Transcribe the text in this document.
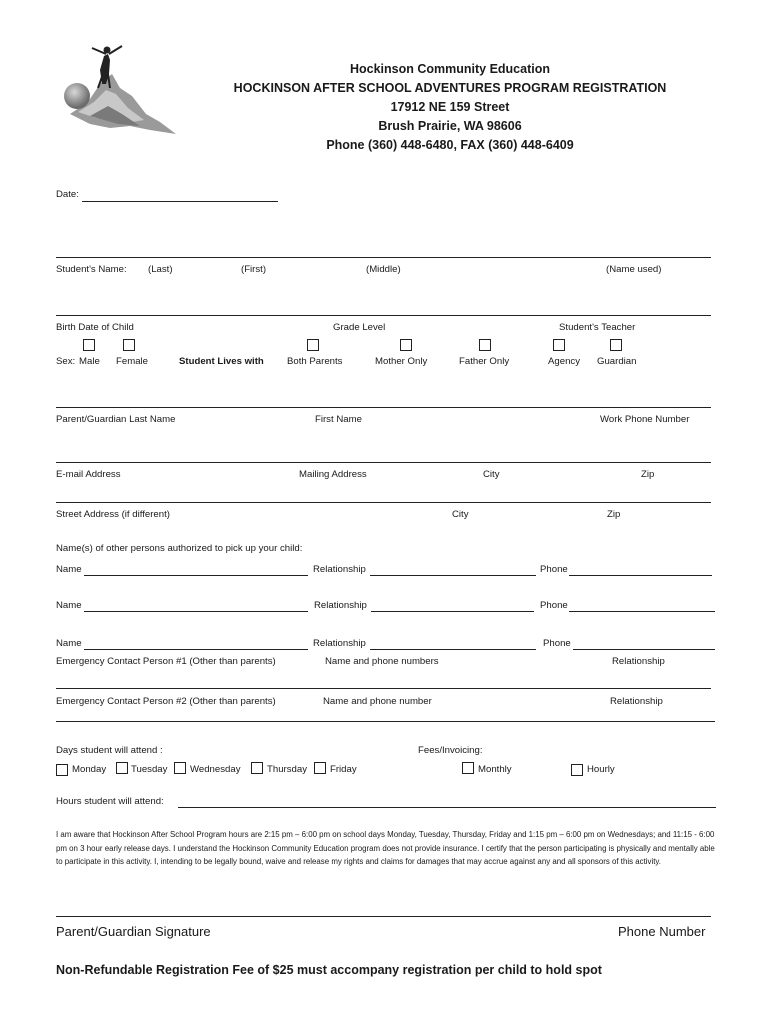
Hockinson Community Education
HOCKINSON AFTER SCHOOL ADVENTURES PROGRAM REGISTRATION
17912 NE 159 Street
Brush Prairie, WA 98606
Phone (360) 448-6480, FAX (360) 448-6409
Date:
Student's Name: (Last)	(First)	(Middle)	(Name used)
Birth Date of Child	Grade Level	Student's Teacher
Sex: Male Female	Student Lives with Both Parents	Mother Only	Father Only	Agency Guardian
Parent/Guardian Last Name	First Name	Work Phone Number
E-mail Address	Mailing Address	City	Zip
Street Address (if different)	City	Zip
Name(s) of other persons authorized to pick up your child:
Name	Relationship	Phone
Name	Relationship	Phone
Name	Relationship	Phone
Emergency Contact Person #1 (Other than parents)	Name and phone numbers	Relationship
Emergency Contact Person #2 (Other than parents)	Name and phone number	Relationship
Days student will attend :	Fees/Invoicing:
Monday	Tuesday Wednesday	Thursday Friday	Monthly	Hourly
Hours student will attend:
I am aware that Hockinson After School Program hours are 2:15 pm – 6:00 pm on school days Monday, Tuesday, Thursday, Friday and 1:15 pm – 6:00 pm on Wednesdays; and 11:15 - 6:00 pm on 3 hour early release days. I understand the Hockinson Community Education program does not provide insurance. I certify that the person participating is physically and mentally able to participate in this activity. I, intending to be legally bound, waive and release my rights and claims for damages that may accrue against any and all sponsors of this activity.
Parent/Guardian Signature	Phone Number
Non-Refundable Registration Fee of $25 must accompany registration per child to hold spot
